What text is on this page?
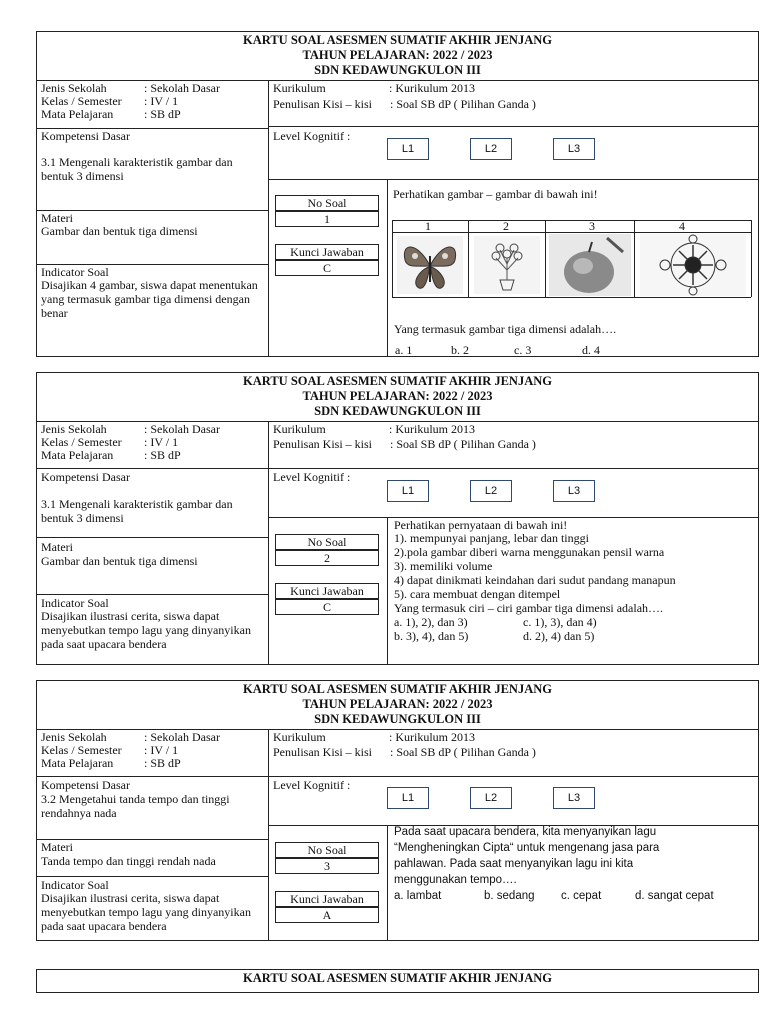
KARTU SOAL ASESMEN SUMATIF AKHIR JENJANG
TAHUN PELAJARAN: 2022 / 2023
SDN KEDAWUNGKULON III
Jenis Sekolah	: Sekolah Dasar
Kelas / Semester : IV / 1
Mata Pelajaran	: SB dP
Kurikulum	: Kurikulum 2013
Penulisan Kisi – kisi : Soal SB dP ( Pilihan Ganda )
Kompetensi Dasar
3.1 Mengenali karakteristik gambar dan bentuk 3 dimensi
Level Kognitif :
L1	L2	L3
Materi
Gambar dan bentuk tiga dimensi
Indicator Soal
Disajikan 4 gambar, siswa dapat menentukan yang termasuk gambar tiga dimensi dengan benar
No Soal
1
Kunci Jawaban
C
Perhatikan gambar – gambar di bawah ini!
1	2	3	4
Yang termasuk gambar tiga dimensi adalah….
a. 1	b. 2	c. 3	d. 4
KARTU SOAL ASESMEN SUMATIF AKHIR JENJANG
TAHUN PELAJARAN: 2022 / 2023
SDN KEDAWUNGKULON III
Jenis Sekolah	: Sekolah Dasar
Kelas / Semester : IV / 1
Mata Pelajaran	: SB dP
Kurikulum	: Kurikulum 2013
Penulisan Kisi – kisi : Soal SB dP ( Pilihan Ganda )
Kompetensi Dasar
3.1 Mengenali karakteristik gambar dan bentuk 3 dimensi
Level Kognitif :
L1	L2	L3
Materi
Gambar dan bentuk tiga dimensi
Indicator Soal
Disajikan ilustrasi cerita, siswa dapat menyebutkan tempo lagu yang dinyanyikan pada saat upacara bendera
No Soal
2
Kunci Jawaban
C
Perhatikan pernyataan di bawah ini!
1). mempunyai panjang, lebar dan tinggi
2).pola gambar diberi warna menggunakan pensil warna
3). memiliki volume
4) dapat dinikmati keindahan dari sudut pandang manapun
5). cara membuat dengan ditempel
Yang termasuk ciri – ciri gambar tiga dimensi adalah….
a. 1), 2), dan 3)	c. 1), 3), dan 4)
b. 3), 4), dan 5)	d. 2), 4) dan 5)
KARTU SOAL ASESMEN SUMATIF AKHIR JENJANG
TAHUN PELAJARAN: 2022 / 2023
SDN KEDAWUNGKULON III
Jenis Sekolah	: Sekolah Dasar
Kelas / Semester : IV / 1
Mata Pelajaran	: SB dP
Kurikulum	: Kurikulum 2013
Penulisan Kisi – kisi : Soal SB dP ( Pilihan Ganda )
Kompetensi Dasar
3.2 Mengetahui tanda tempo dan tinggi rendahnya nada
Level Kognitif :
L1	L2	L3
Materi
Tanda tempo dan tinggi rendah nada
Indicator Soal
Disajikan ilustrasi cerita, siswa dapat menyebutkan tempo lagu yang dinyanyikan pada saat upacara bendera
No Soal
3
Kunci Jawaban
A
Pada saat upacara bendera, kita menyanyikan lagu
“Mengheningkan Cipta“ untuk mengenang jasa para
pahlawan. Pada saat menyanyikan lagu ini kita
menggunakan tempo….
a. lambat	b. sedang c. cepat	d. sangat cepat
KARTU SOAL ASESMEN SUMATIF AKHIR JENJANG
